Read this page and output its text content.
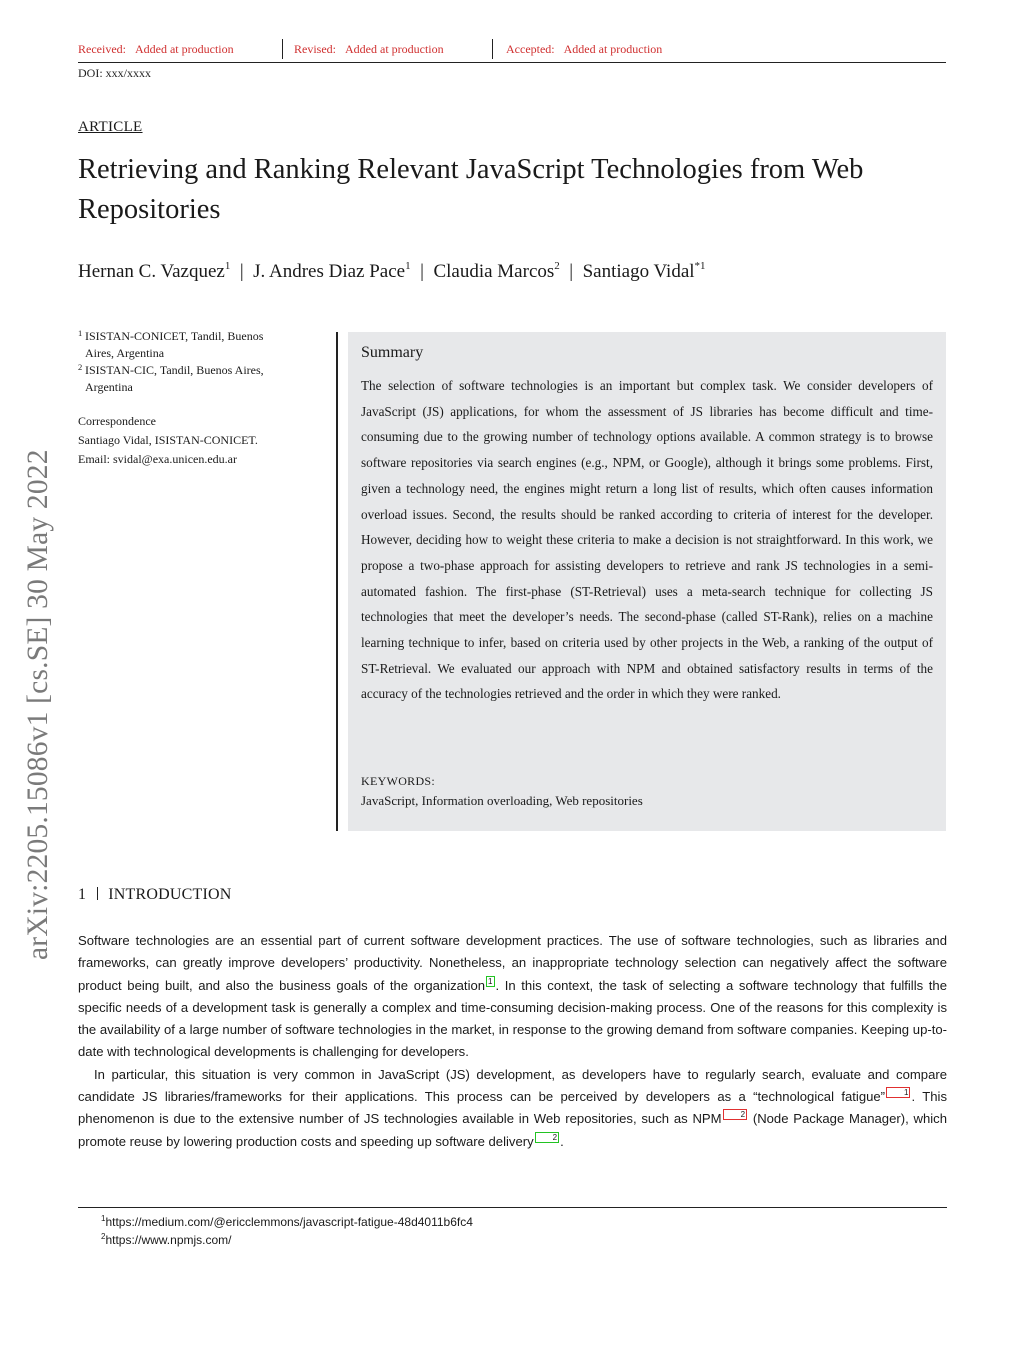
Received: Added at production	Revised: Added at production	Accepted: Added at production
DOI: xxx/xxxx
ARTICLE
Retrieving and Ranking Relevant JavaScript Technologies from Web Repositories
Hernan C. Vazquez$^1$  |  J. Andres Diaz Pace$^1$  |  Claudia Marcos$^2$  |  Santiago Vidal$^{*1}$
1 ISISTAN-CONICET, Tandil, Buenos
Aires, Argentina
2 ISISTAN-CIC, Tandil, Buenos Aires,
Argentina
Correspondence
Santiago Vidal, ISISTAN-CONICET.
Email: svidal@exa.unicen.edu.ar
Summary

The selection of software technologies is an important but complex task. We consider developers of JavaScript (JS) applications, for whom the assessment of JS libraries has become difficult and time-consuming due to the growing number of technology options available. A common strategy is to browse software repositories via search engines (e.g., NPM, or Google), although it brings some problems. First, given a technology need, the engines might return a long list of results, which often causes information overload issues. Second, the results should be ranked according to criteria of interest for the developer. However, deciding how to weight these criteria to make a decision is not straightforward. In this work, we propose a two-phase approach for assisting developers to retrieve and rank JS technologies in a semi-automated fashion. The first-phase (ST-Retrieval) uses a meta-search technique for collecting JS technologies that meet the developer’s needs. The second-phase (called ST-Rank), relies on a machine learning technique to infer, based on criteria used by other projects in the Web, a ranking of the output of ST-Retrieval. We evaluated our approach with NPM and obtained satisfactory results in terms of the accuracy of the technologies retrieved and the order in which they were ranked.

KEYWORDS:
JavaScript, Information overloading, Web repositories
arXiv:2205.15086v1 [cs.SE] 30 May 2022 1 INTRODUCTION

Software technologies are an essential part of current software development practices. The use of software technologies, such as libraries and frameworks, can greatly improve developers’ productivity. Nonetheless, an inappropriate technology selection can negatively affect the software product being built, and also the business goals of the organization 1 . In this context, the task of selecting a software technology that fulfills the specific needs of a development task is generally a complex and time-consuming decision-making process. One of the reasons for this complexity is the availability of a large number of software technologies in the market, in response to the growing demand from software companies. Keeping up-to-date with technological developments is challenging for developers.

In particular, this situation is very common in JavaScript (JS) development, as developers have to regularly search, evaluate and compare candidate JS libraries/frameworks for their applications. This process can be perceived by developers as a “technological fatigue” 1 . This phenomenon is due to the extensive number of JS technologies available in Web repositories, such as NPM 2 (Node Package Manager), which promote reuse by lowering production costs and speeding up software delivery 2 .

$^1$https://medium.com/@ericclemmons/javascript-fatigue-48d4011b6fc4
$^2$https://www.npmjs.com/
